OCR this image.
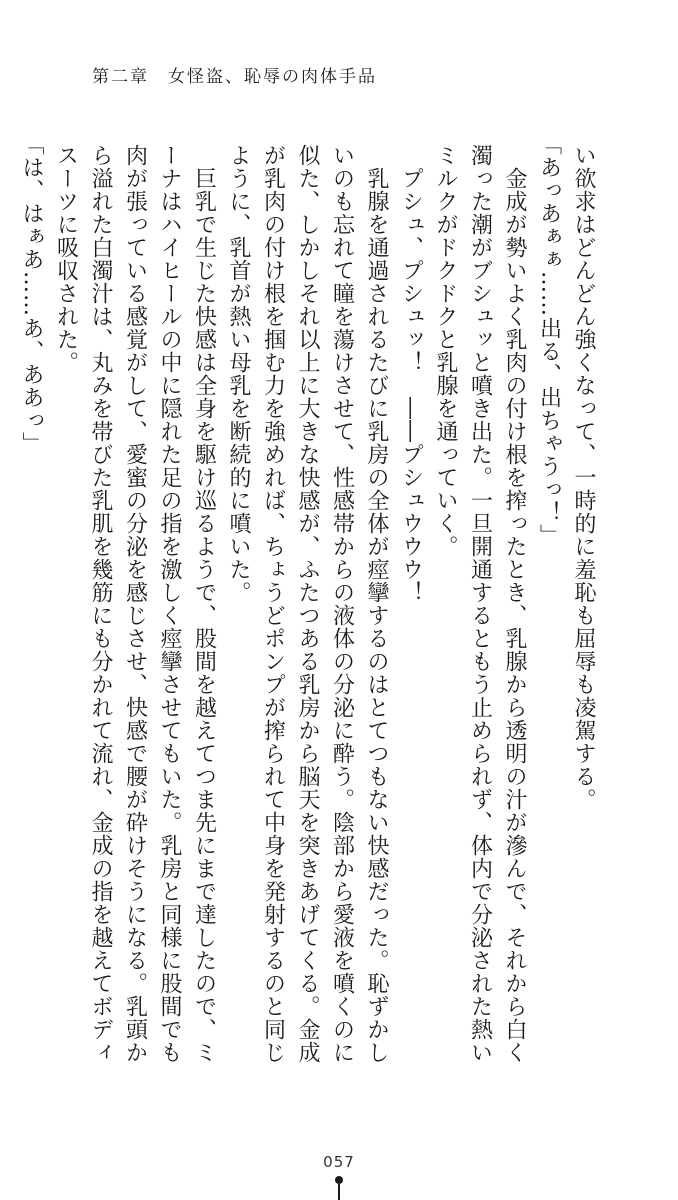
第二章　女怪盗、恥辱の肉体手品
い欲求はどんどん強くなって、一時的に羞恥も屈辱も凌駕する。
「あっあぁぁ……出る、出ちゃうっ！」
　金成が勢いよく乳肉の付け根を搾ったとき、乳腺から透明の汁が滲んで、それから白く
濁った潮がブシュッと噴き出た。一旦開通するともう止められず、体内で分泌された熱い
ミルクがドクドクと乳腺を通っていく。
　プシュ、プシュッ！　――プシュウウウ！
　乳腺を通過されるたびに乳房の全体が痙攣するのはとてつもない快感だった。恥ずかし
いのも忘れて瞳を蕩けさせて、性感帯からの液体の分泌に酔う。陰部から愛液を噴くのに
似た、しかしそれ以上に大きな快感が、ふたつある乳房から脳天を突きあげてくる。金成
が乳肉の付け根を掴む力を強めれば、ちょうどポンプが搾られて中身を発射するのと同じ
ように、乳首が熱い母乳を断続的に噴いた。
　巨乳で生じた快感は全身を駆け巡るようで、股間を越えてつま先にまで達したので、ミ
ーナはハイヒールの中に隠れた足の指を激しく痙攣させてもいた。乳房と同様に股間でも
肉が張っている感覚がして、愛蜜の分泌を感じさせ、快感で腰が砕けそうになる。乳頭か
ら溢れた白濁汁は、丸みを帯びた乳肌を幾筋にも分かれて流れ、金成の指を越えてボディ
スーツに吸収された。
「は、はぁあ……あ、ああっ」
057
